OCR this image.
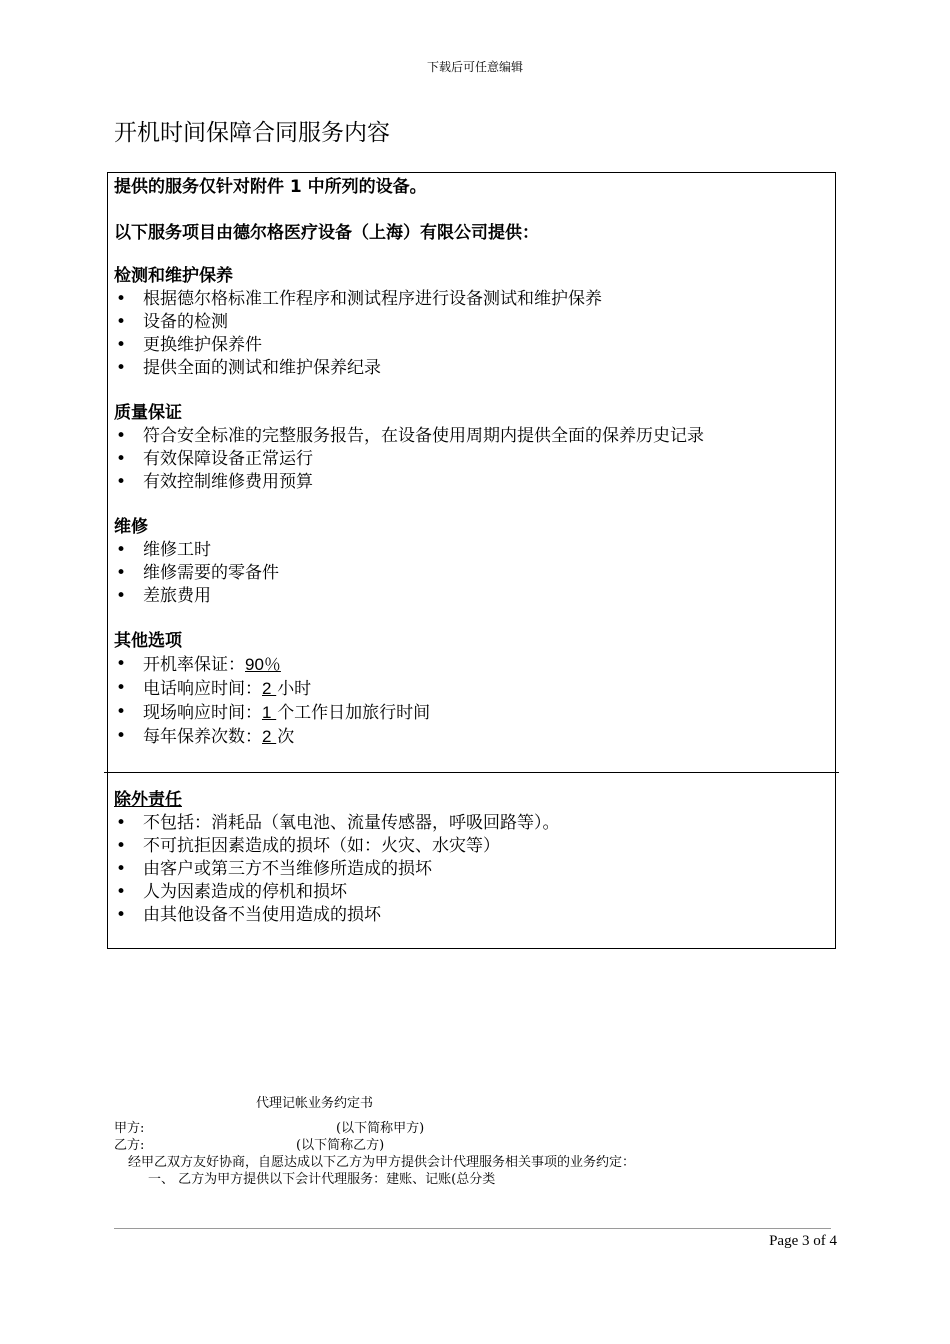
下载后可任意编辑
开机时间保障合同服务内容

提供的服务仅针对附件 1 中所列的设备。

以下服务项目由德尔格医疗设备（上海）有限公司提供：

检测和维护保养

• 根据德尔格标准工作程序和测试程序进行设备测试和维护保养
• 设备的检测
• 更换维护保养件
• 提供全面的测试和维护保养纪录

质量保证

• 符合安全标准的完整服务报告，在设备使用周期内提供全面的保养历史记录
• 有效保障设备正常运行
• 有效控制维修费用预算

维修

• 维修工时
• 维修需要的零备件
• 差旅费用

其他选项

• 开机率保证：90％
• 电话响应时间：2 小时
• 现场响应时间：1 个工作日加旅行时间
• 每年保养次数：2 次

除外责任

• 不包括：消耗品（氧电池、流量传感器，呼吸回路等）。
• 不可抗拒因素造成的损坏（如：火灾、水灾等）
• 由客户或第三方不当维修所造成的损坏
• 人为因素造成的停机和损坏
• 由其他设备不当使用造成的损坏
代理记帐业务约定书
甲方:	(以下简称甲方)
乙方:	(以下简称乙方)
经甲乙双方友好协商，自愿达成以下乙方为甲方提供会计代理服务相关事项的业务约定：
一、 乙方为甲方提供以下会计代理服务：建账、记账(总分类
Page 3 of 4
